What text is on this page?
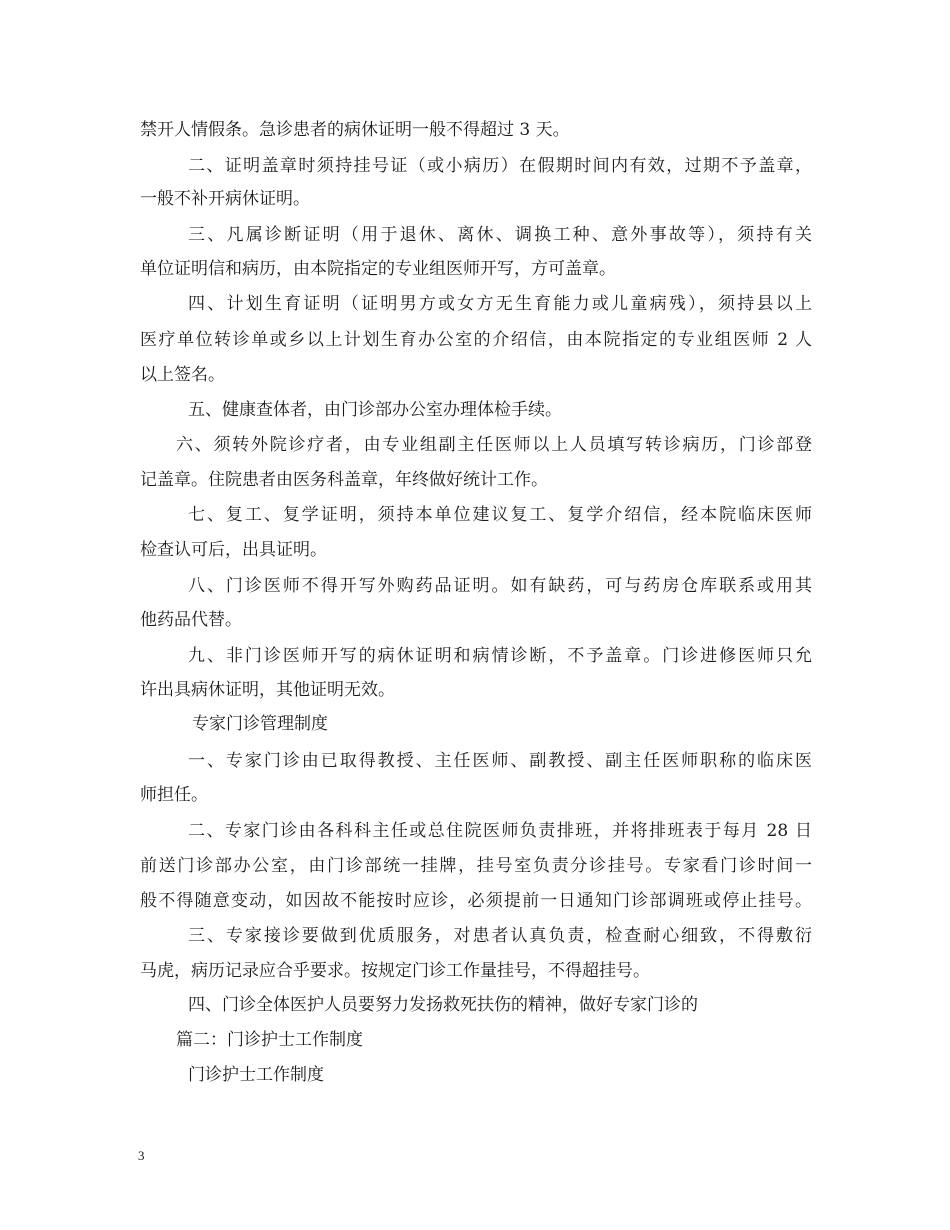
禁开人情假条。急诊患者的病休证明一般不得超过 3 天。
二、证明盖章时须持挂号证（或小病历）在假期时间内有效，过期不予盖章，
一般不补开病休证明。
三、凡属诊断证明（用于退休、离休、调换工种、意外事故等），须持有关
单位证明信和病历，由本院指定的专业组医师开写，方可盖章。
四、计划生育证明（证明男方或女方无生育能力或儿童病残），须持县以上
医疗单位转诊单或乡以上计划生育办公室的介绍信，由本院指定的专业组医师 2 人
以上签名。
五、健康查体者，由门诊部办公室办理体检手续。
六、须转外院诊疗者，由专业组副主任医师以上人员填写转诊病历，门诊部登
记盖章。住院患者由医务科盖章，年终做好统计工作。
七、复工、复学证明，须持本单位建议复工、复学介绍信，经本院临床医师
检查认可后，出具证明。
八、门诊医师不得开写外购药品证明。如有缺药，可与药房仓库联系或用其
他药品代替。
九、非门诊医师开写的病休证明和病情诊断，不予盖章。门诊进修医师只允
许出具病休证明，其他证明无效。
专家门诊管理制度
一、专家门诊由已取得教授、主任医师、副教授、副主任医师职称的临床医
师担任。
二、专家门诊由各科科主任或总住院医师负责排班，并将排班表于每月 28 日
前送门诊部办公室，由门诊部统一挂牌，挂号室负责分诊挂号。专家看门诊时间一
般不得随意变动，如因故不能按时应诊，必须提前一日通知门诊部调班或停止挂号。
三、专家接诊要做到优质服务，对患者认真负责，检查耐心细致，不得敷衍
马虎，病历记录应合乎要求。按规定门诊工作量挂号，不得超挂号。
四、门诊全体医护人员要努力发扬救死扶伤的精神，做好专家门诊的
篇二：门诊护士工作制度
门诊护士工作制度
3
